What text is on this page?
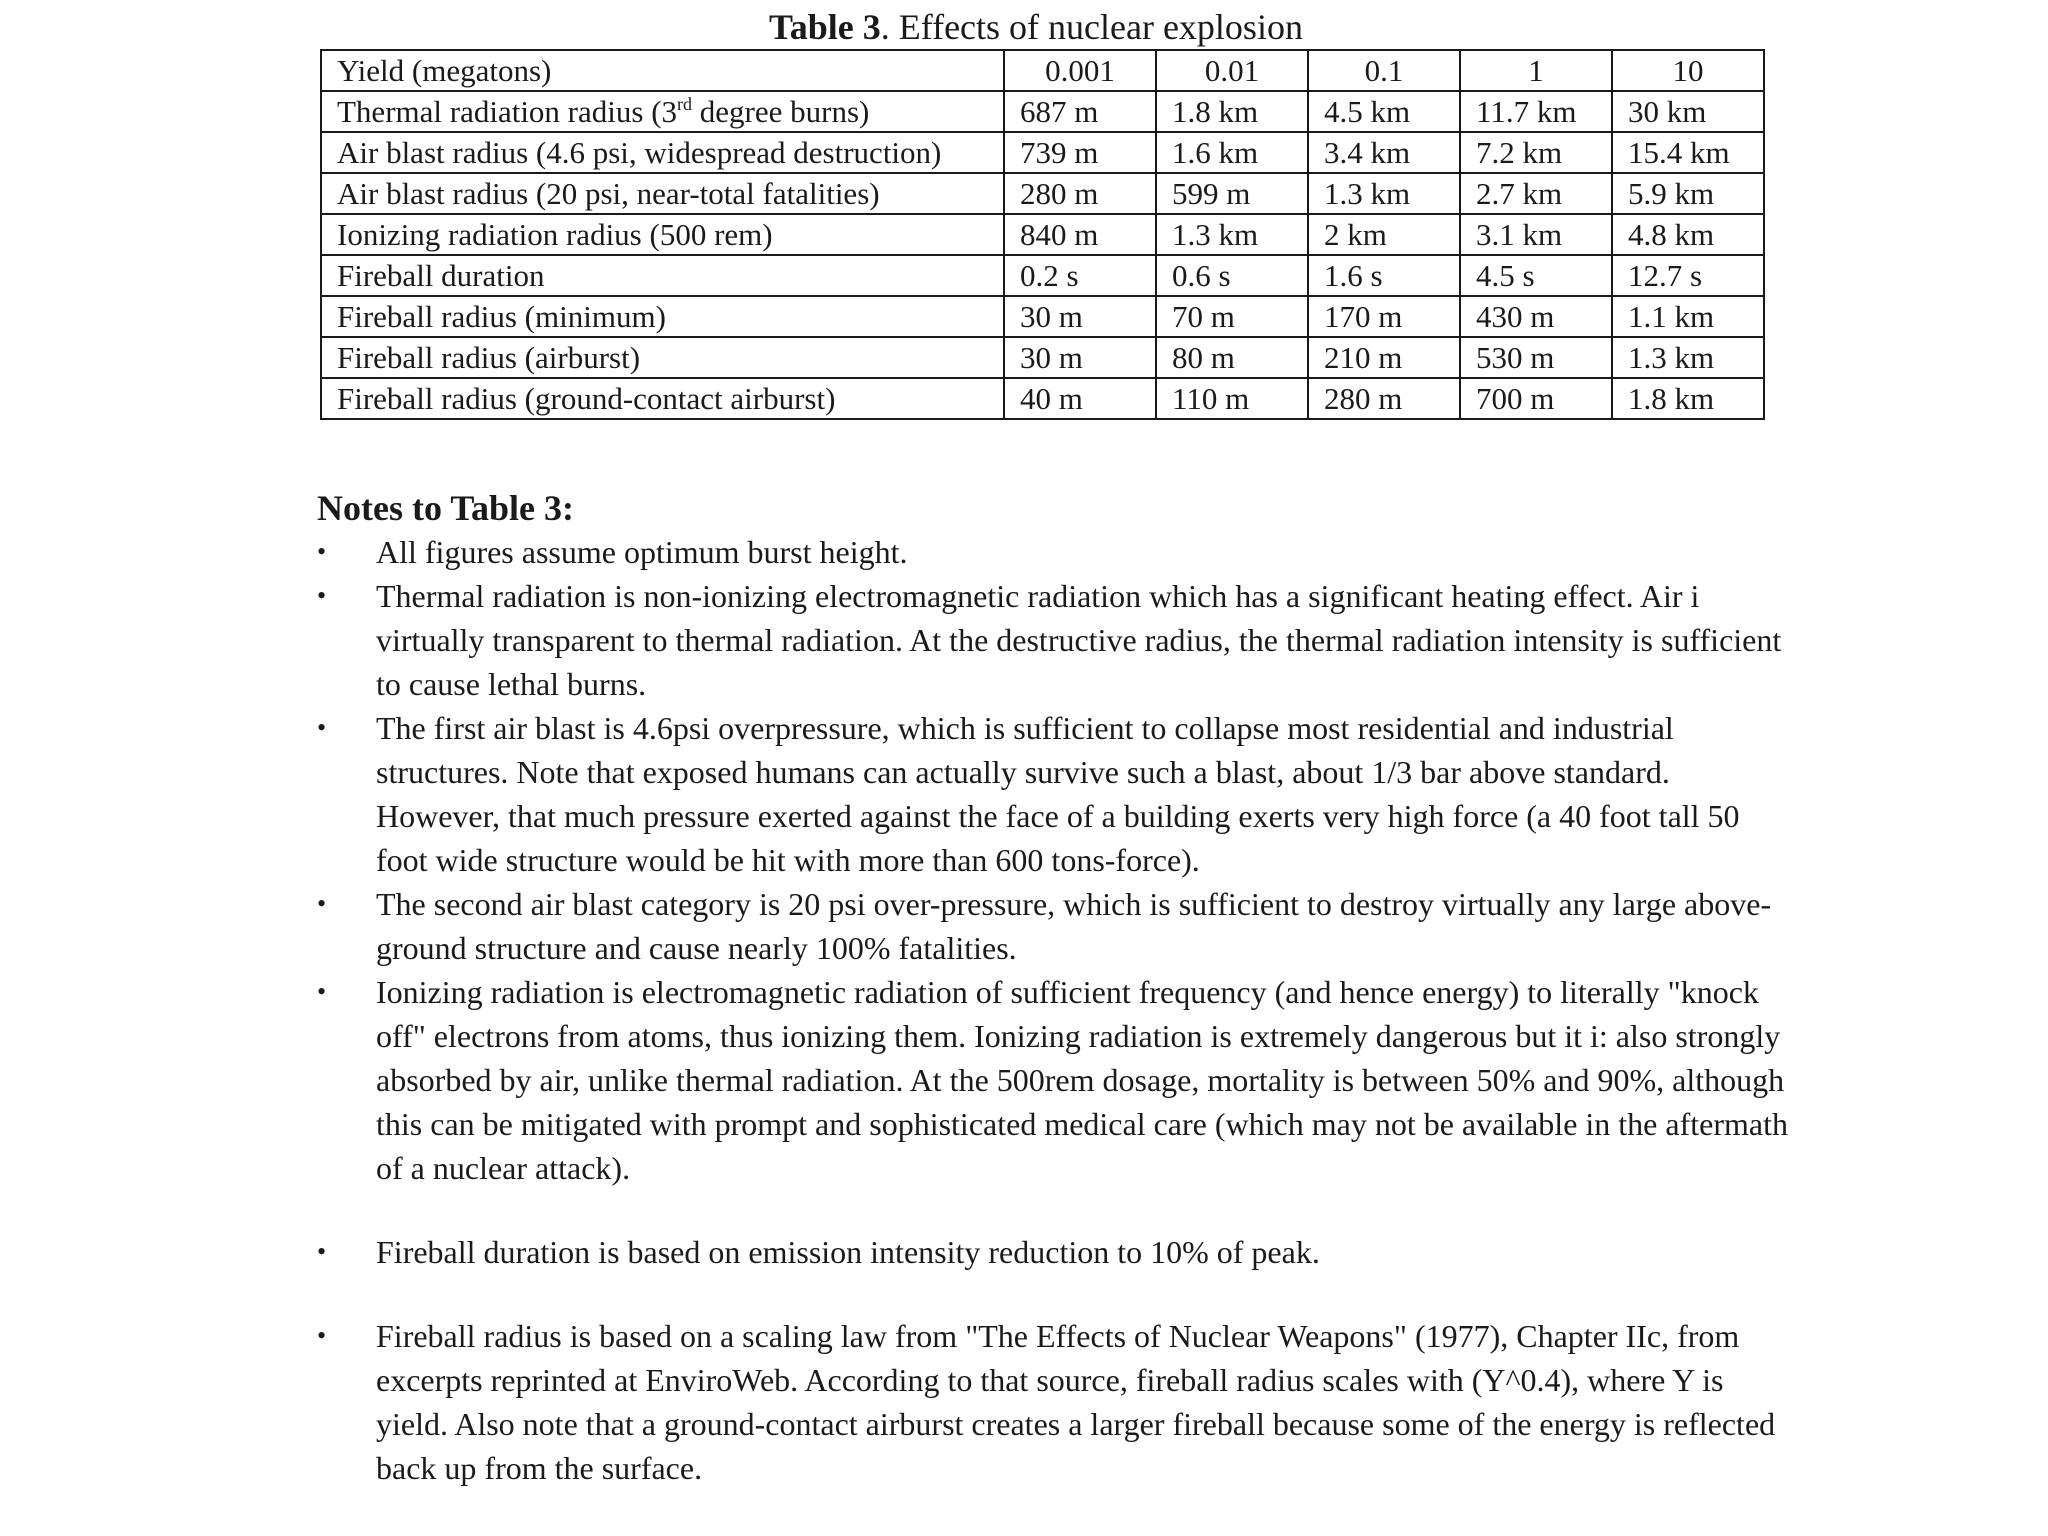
Table 3. Effects of nuclear explosion
Yield (megatons)	0.001	0.01	0.1	1	10
Thermal radiation radius (3rd degree burns)	687 m	1.8 km	4.5 km	11.7 km	30 km
Air blast radius (4.6 psi, widespread destruction)	739 m	1.6 km	3.4 km	7.2 km	15.4 km
Air blast radius (20 psi, near-total fatalities)	280 m	599 m	1.3 km	2.7 km	5.9 km
Ionizing radiation radius (500 rem)	840 m	1.3 km	2 km	3.1 km	4.8 km
Fireball duration	0.2 s	0.6 s	1.6 s	4.5 s	12.7 s
Fireball radius (minimum)	30 m	70 m	170 m	430 m	1.1 km
Fireball radius (airburst)	30 m	80 m	210 m	530 m	1.3 km
Fireball radius (ground-contact airburst)	40 m	110 m	280 m	700 m	1.8 km
Notes to Table 3:
•	All figures assume optimum burst height.
•	Thermal radiation is non-ionizing electromagnetic radiation which has a significant heating effect. Air i virtually transparent to thermal radiation. At the destructive radius, the thermal radiation intensity is sufficient to cause lethal burns.
•	The first air blast is 4.6psi overpressure, which is sufficient to collapse most residential and industrial structures. Note that exposed humans can actually survive such a blast, about 1/3 bar above standard. However, that much pressure exerted against the face of a building exerts very high force (a 40 foot tall 50 foot wide structure would be hit with more than 600 tons-force).
•	The second air blast category is 20 psi over-pressure, which is sufficient to destroy virtually any large above-ground structure and cause nearly 100% fatalities.
•	Ionizing radiation is electromagnetic radiation of sufficient frequency (and hence energy) to literally "knock off" electrons from atoms, thus ionizing them. Ionizing radiation is extremely dangerous but it i: also strongly absorbed by air, unlike thermal radiation. At the 500rem dosage, mortality is between 50% and 90%, although this can be mitigated with prompt and sophisticated medical care (which may not be available in the aftermath of a nuclear attack).
•	Fireball duration is based on emission intensity reduction to 10% of peak.
•	Fireball radius is based on a scaling law from "The Effects of Nuclear Weapons" (1977), Chapter IIc, from excerpts reprinted at EnviroWeb. According to that source, fireball radius scales with (Y^0.4), where Y is yield. Also note that a ground-contact airburst creates a larger fireball because some of the energy is reflected back up from the surface.
